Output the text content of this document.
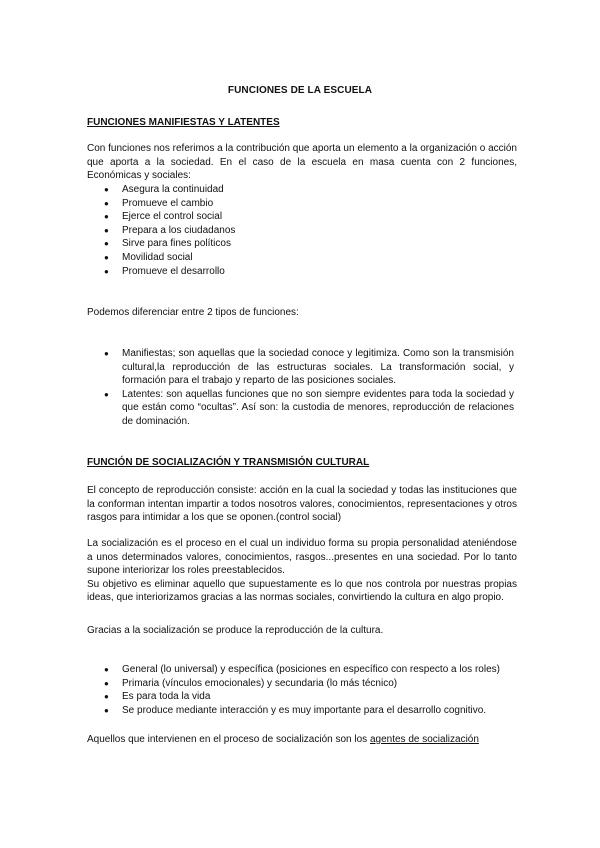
FUNCIONES DE LA ESCUELA
FUNCIONES MANIFIESTAS Y LATENTES

Con funciones nos referimos a la contribución que aporta un elemento a la organización o acción que aporta a la sociedad. En el caso de la escuela en masa cuenta con 2 funciones, Económicas y sociales:

●	Asegura la continuidad
●	Promueve el cambio
●	Ejerce el control social
●	Prepara a los ciudadanos
●	Sirve para fines políticos
●	Movilidad social
●	Promueve el desarrollo

Podemos diferenciar entre 2 tipos de funciones:

●	Manifiestas; son aquellas que la sociedad conoce y legitimiza. Como son la transmisión cultural,la reproducción de las estructuras sociales. La transformación social, y formación para el trabajo y reparto de las posiciones sociales.
●	Latentes: son aquellas funciones que no son siempre evidentes para toda la sociedad y que están como “ocultas”. Así son: la custodia de menores, reproducción de relaciones de dominación.
FUNCIÓN DE SOCIALIZACIÓN Y TRANSMISIÓN CULTURAL

El concepto de reproducción consiste: acción en la cual la sociedad y todas las instituciones que la conforman intentan impartir a todos nosotros valores, conocimientos, representaciones y otros rasgos para intimidar a los que se oponen.(control social)

La socialización es el proceso en el cual un individuo forma su propia personalidad ateniéndose a unos determinados valores, conocimientos, rasgos...presentes en una sociedad. Por lo tanto supone interiorizar los roles preestablecidos.

Su objetivo es eliminar aquello que supuestamente es lo que nos controla por nuestras propias ideas, que interiorizamos gracias a las normas sociales, convirtiendo la cultura en algo propio.

Gracias a la socialización se produce la reproducción de la cultura.

●	General (lo universal) y específica (posiciones en específico con respecto a los roles)
●	Primaria (vínculos emocionales) y secundaria (lo más técnico)
●	Es para toda la vida
●	Se produce mediante interacción y es muy importante para el desarrollo cognitivo.

Aquellos que intervienen en el proceso de socialización son los agentes de socialización
